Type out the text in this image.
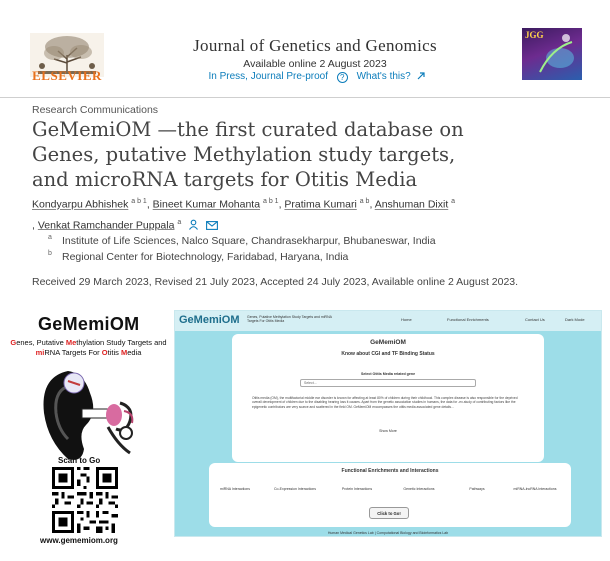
ELSEVIER
Journal of Genetics and Genomics
Available online 2 August 2023
In Press, Journal Pre-proof ? What's this?
JGG
Research Communications
GeMemiOM —the first curated database on
Genes, putative Methylation study targets,
and microRNA targets for Otitis Media
Kondyarpu Abhishek $^{a b 1}$, Bineet Kumar Mohanta $^{a b 1}$, Pratima Kumari $^{a b}$, Anshuman Dixit $^a$
, Venkat Ramchander Puppala $^a$
a Institute of Life Sciences, Nalco Square, Chandrasekharpur, Bhubaneswar, India
b Regional Center for Biotechnology, Faridabad, Haryana, India
Received 29 March 2023, Revised 21 July 2023, Accepted 24 July 2023, Available online 2 August 2023.
GeMemiOM
Genes, Putative Methylation Study Targets and
miRNA Targets For Otitis Media
Scan to Go
www.gememiom.org
GeMemiOM Genes, Putative Methylation Study Targets and miRNA Targets For Otitis Media	Home	Functional Enrichments	Contact Us	Dark Mode
GeMemiOM
Know about CGI and TF Binding Status
Select Otitis Media related gene
Select...
Otitis media (OM), the multifactorial middle ear disorder is known for affecting at least 80% of children during their childhood. This complex disease is also responsible for the deprived overall development of children due to the disabling hearing loss it causes. Apart from the genetic association studies in humans, the data for -ex-study of contributing factors like the epigenetic contributors are very scarce and scattered in the field OM. GeMemiOM encompasses the otitis media associated gene details...
Show More
Functional Enrichments and Interactions
miRNA Interactions	Co-Expression Interactions	Protein Interactions	Genetic Interactions	Pathways	miRNA-lncRNA Interactions
Click to Go!
Human Medical Genetics Lab | Computational Biology and Bioinformatics Lab
